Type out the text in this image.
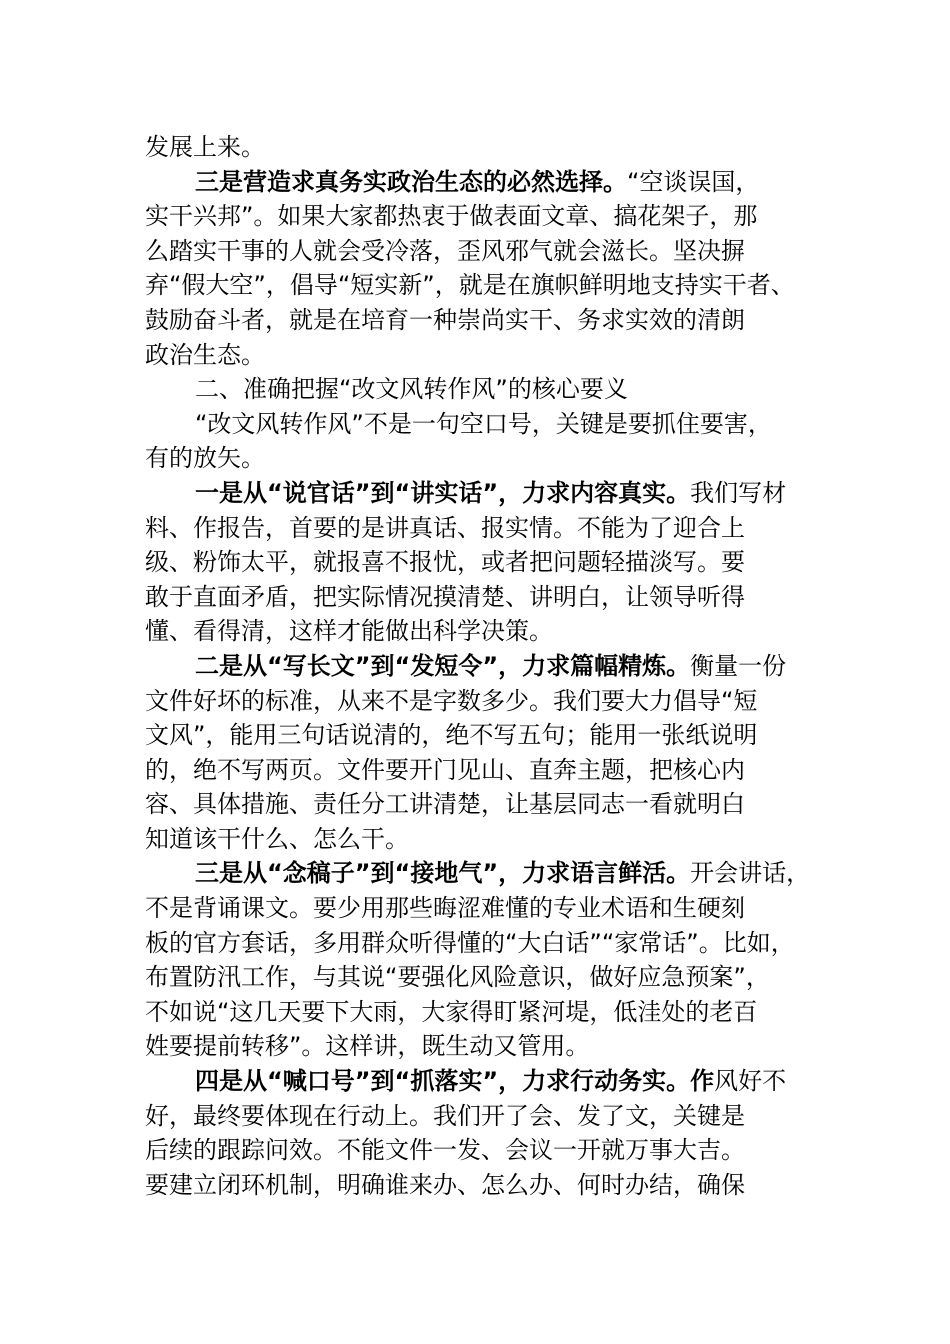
发展上来。
三是营造求真务实政治生态的必然选择。“空谈误国，
实干兴邦”。如果大家都热衷于做表面文章、搞花架子，那
么踏实干事的人就会受冷落，歪风邪气就会滋长。坚决摒
弃“假大空”，倡导“短实新”，就是在旗帜鲜明地支持实干者、
鼓励奋斗者，就是在培育一种崇尚实干、务求实效的清朗
政治生态。
二、准确把握“改文风转作风”的核心要义
“改文风转作风”不是一句空口号，关键是要抓住要害，
有的放矢。
一是从“说官话”到“讲实话”，力求内容真实。我们写材
料、作报告，首要的是讲真话、报实情。不能为了迎合上
级、粉饰太平，就报喜不报忧，或者把问题轻描淡写。要
敢于直面矛盾，把实际情况摸清楚、讲明白，让领导听得
懂、看得清，这样才能做出科学决策。
二是从“写长文”到“发短令”，力求篇幅精炼。衡量一份
文件好坏的标准，从来不是字数多少。我们要大力倡导“短
文风”，能用三句话说清的，绝不写五句；能用一张纸说明
的，绝不写两页。文件要开门见山、直奔主题，把核心内
容、具体措施、责任分工讲清楚，让基层同志一看就明白
知道该干什么、怎么干。
三是从“念稿子”到“接地气”，力求语言鲜活。开会讲话，
不是背诵课文。要少用那些晦涩难懂的专业术语和生硬刻
板的官方套话，多用群众听得懂的“大白话”“家常话”。比如，
布置防汛工作，与其说“要强化风险意识，做好应急预案”，
不如说“这几天要下大雨，大家得盯紧河堤，低洼处的老百
姓要提前转移”。这样讲，既生动又管用。
四是从“喊口号”到“抓落实”，力求行动务实。作风好不
好，最终要体现在行动上。我们开了会、发了文，关键是
后续的跟踪问效。不能文件一发、会议一开就万事大吉。
要建立闭环机制，明确谁来办、怎么办、何时办结，确保
